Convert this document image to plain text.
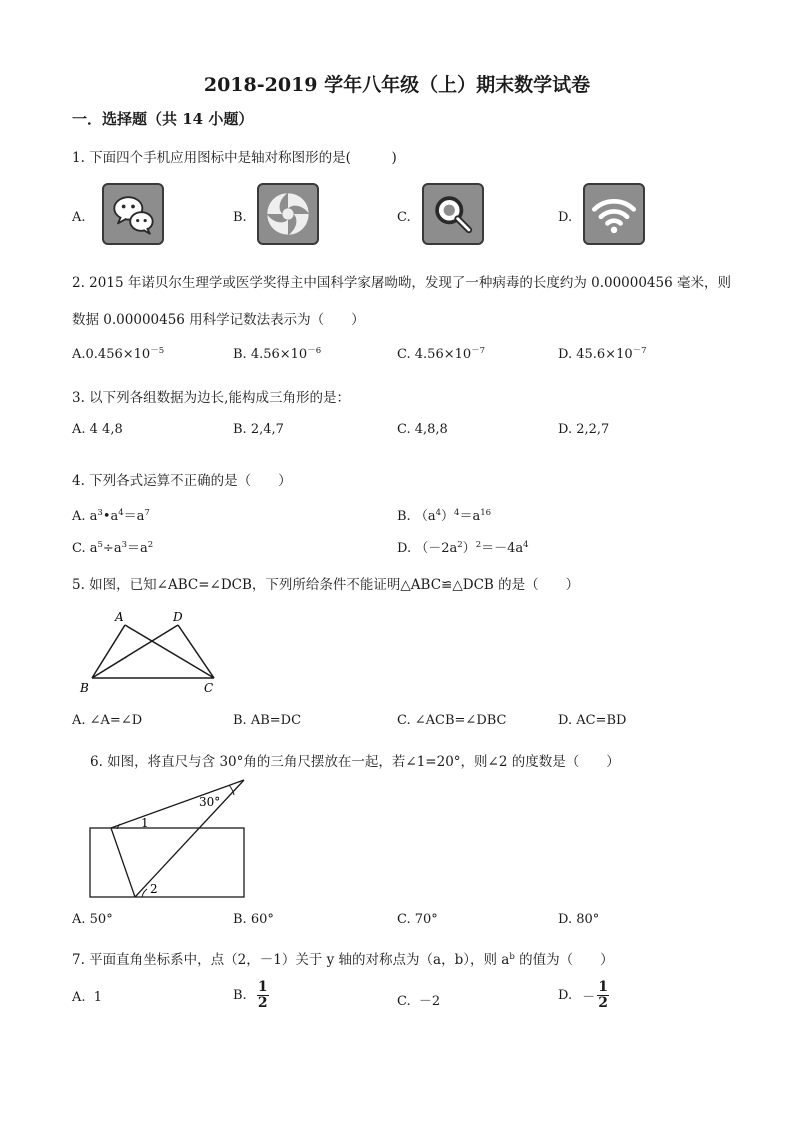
2018-2019 学年八年级（上）期末数学试卷
一．选择题（共 14 小题）
1. 下面四个手机应用图标中是轴对称图形的是(　　　)
A.	B.	C.	D.
2. 2015 年诺贝尔生理学或医学奖得主中国科学家屠呦呦，发现了一种病毒的长度约为 0.00000456 毫米，则
数据 0.00000456 用科学记数法表示为（　　）
$A.0.456\times 10^{-5}$	B. $4.56\times 10^{-6}$	C. $4.56\times 10^{-7}$	D. $45.6\times 10^{-7}$
3. 以下列各组数据为边长,能构成三角形的是：
A. 4 4,8	B. 2,4,7	C. 4,8,8	D. 2,2,7
4. 下列各式运算不正确的是（　　）
A. $a^3•a^4=a^7$	B. $(a^4)^4=a^{16}$
C. $a^5\div a^3=a^2$	D. $(-2a^2)^2=-4a^4$
5. 如图，已知∠ABC=∠DCB，下列所给条件不能证明△ABC≌△DCB 的是（　　）
A	D
B	C
A. ∠A=∠D	B. AB=DC	C. ∠ACB=∠DBC	D. AC=BD
6. 如图，将直尺与含 30°角的三角尺摆放在一起，若∠1=20°，则∠2 的度数是（　　）
30°
1
2
A. 50°	B. 60°	C. 70°	D. 80°
7. 平面直角坐标系中，点（2，－1）关于 y 轴的对称点为（a，b），则 $a^b$ 的值为（　　）
A. 1	B. $\frac{1}{2}$	C. －2	D. － $\frac{1}{2}$
